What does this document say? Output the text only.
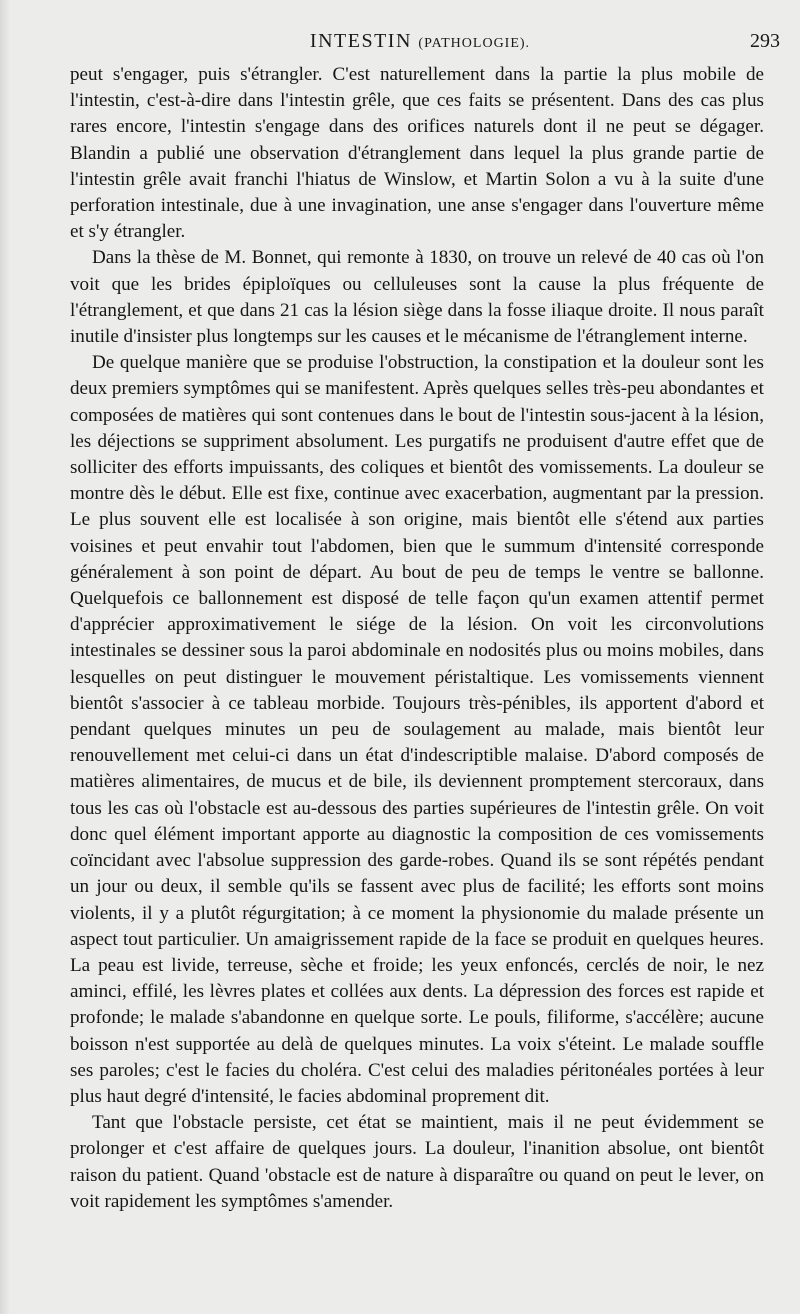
INTESTIN (PATHOLOGIE).	293

peut s'engager, puis s'étrangler. C'est naturellement dans la partie la plus mobile de l'intestin, c'est-à-dire dans l'intestin grêle, que ces faits se présentent. Dans des cas plus rares encore, l'intestin s'engage dans des orifices naturels dont il ne peut se dégager. Blandin a publié une observation d'étranglement dans lequel la plus grande partie de l'intestin grêle avait franchi l'hiatus de Winslow, et Martin Solon a vu à la suite d'une perforation intestinale, due à une invagination, une anse s'engager dans l'ouverture même et s'y étrangler.

Dans la thèse de M. Bonnet, qui remonte à 1830, on trouve un relevé de 40 cas où l'on voit que les brides épiploïques ou celluleuses sont la cause la plus fréquente de l'étranglement, et que dans 21 cas la lésion siège dans la fosse iliaque droite. Il nous paraît inutile d'insister plus longtemps sur les causes et le mécanisme de l'étranglement interne.

De quelque manière que se produise l'obstruction, la constipation et la douleur sont les deux premiers symptômes qui se manifestent. Après quelques selles très-peu abondantes et composées de matières qui sont contenues dans le bout de l'intestin sous-jacent à la lésion, les déjections se suppriment absolument. Les purgatifs ne produisent d'autre effet que de solliciter des efforts impuissants, des coliques et bientôt des vomissements. La douleur se montre dès le début. Elle est fixe, continue avec exacerbation, augmentant par la pression. Le plus souvent elle est localisée à son origine, mais bientôt elle s'étend aux parties voisines et peut envahir tout l'abdomen, bien que le summum d'intensité corresponde généralement à son point de départ. Au bout de peu de temps le ventre se ballonne. Quelquefois ce ballonnement est disposé de telle façon qu'un examen attentif permet d'apprécier approximativement le siége de la lésion. On voit les circonvolutions intestinales se dessiner sous la paroi abdominale en nodosités plus ou moins mobiles, dans lesquelles on peut distinguer le mouvement péristaltique. Les vomissements viennent bientôt s'associer à ce tableau morbide. Toujours très-pénibles, ils apportent d'abord et pendant quelques minutes un peu de soulagement au malade, mais bientôt leur renouvellement met celui-ci dans un état d'indescriptible malaise. D'abord composés de matières alimentaires, de mucus et de bile, ils deviennent promptement stercoraux, dans tous les cas où l'obstacle est au-dessous des parties supérieures de l'intestin grêle. On voit donc quel élément important apporte au diagnostic la composition de ces vomissements coïncidant avec l'absolue suppression des garde-robes. Quand ils se sont répétés pendant un jour ou deux, il semble qu'ils se fassent avec plus de facilité; les efforts sont moins violents, il y a plutôt régurgitation; à ce moment la physionomie du malade présente un aspect tout particulier. Un amaigrissement rapide de la face se produit en quelques heures. La peau est livide, terreuse, sèche et froide; les yeux enfoncés, cerclés de noir, le nez aminci, effilé, les lèvres plates et collées aux dents. La dépression des forces est rapide et profonde; le malade s'abandonne en quelque sorte. Le pouls, filiforme, s'accélère; aucune boisson n'est supportée au delà de quelques minutes. La voix s'éteint. Le malade souffle ses paroles; c'est le facies du choléra. C'est celui des maladies péritonéales portées à leur plus haut degré d'intensité, le facies abdominal proprement dit.

Tant que l'obstacle persiste, cet état se maintient, mais il ne peut évidemment se prolonger et c'est affaire de quelques jours. La douleur, l'inanition absolue, ont bientôt raison du patient. Quand 'obstacle est de nature à disparaître ou quand on peut le lever, on voit rapidement les symptômes s'amender.
